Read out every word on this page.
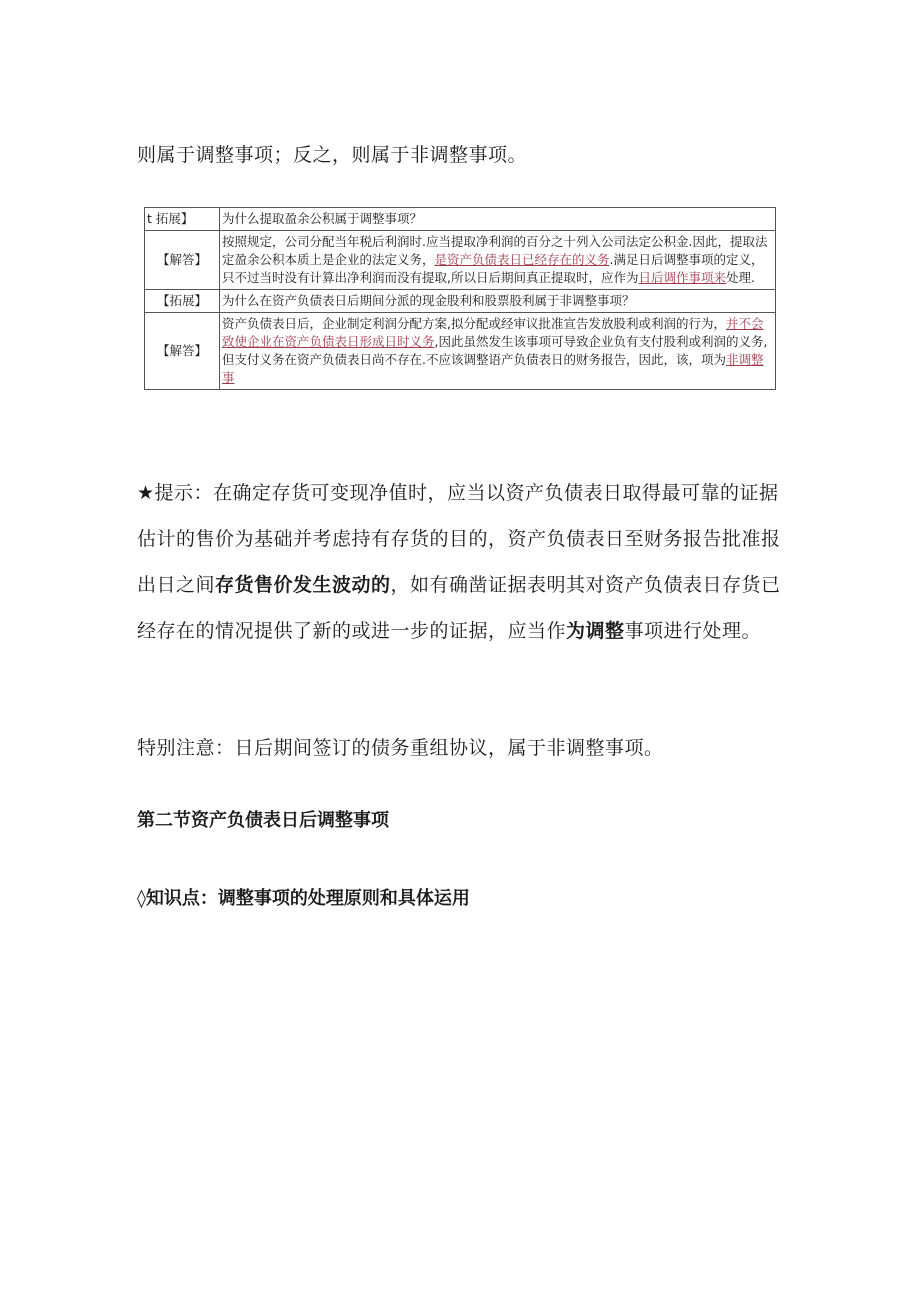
则属于调整事项；反之，则属于非调整事项。

t 拓展】	为什么提取盈余公积属于调整事项？
【解答】	按照规定，公司分配当年税后利润时.应当提取净利润的百分之十列入公司法定公积金.因此，提取法定盈余公积本质上是企业的法定义务，是资产负债表日已经存在的义务.满足日后调整事项的定义，只不过当时没有计算出净利润而没有提取,所以日后期间真正提取时，应作为日后调作事项来处理.
【拓展】	为什么在资产负债表日后期间分派的现金股利和股票股利属于非调整事项？
【解答】	资产负债表日后，企业制定利润分配方案,拟分配或经审议批准宣告发放股利或利润的行为，并不会致使企业在资产负债表日形成日时义务,因此虽然发生该事项可导致企业负有支付股利或利润的义务,但支付义务在资产负债表日尚不存在.不应该调整语产负债表日的财务报告，因此，该，项为非调整事

★提示：在确定存货可变现净值时，应当以资产负债表日取得最可靠的证据估计的售价为基础并考虑持有存货的目的，资产负债表日至财务报告批准报出日之间存货售价发生波动的，如有确凿证据表明其对资产负债表日存货已经存在的情况提供了新的或进一步的证据，应当作为调整事项进行处理。

特别注意：日后期间签订的债务重组协议，属于非调整事项。

第二节资产负债表日后调整事项
◊知识点：调整事项的处理原则和具体运用
